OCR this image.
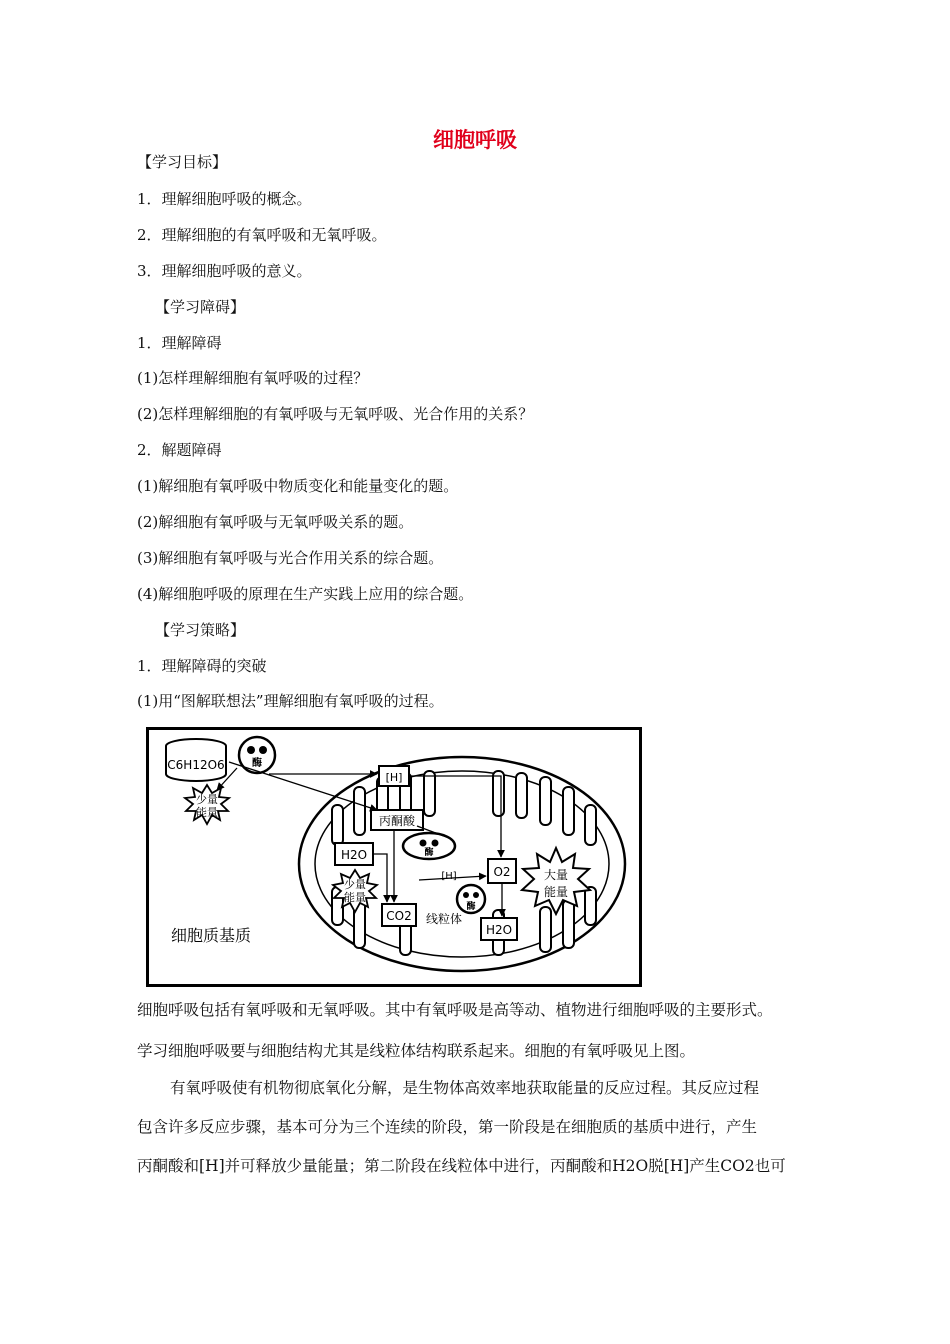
细胞呼吸
【学习目标】
1．理解细胞呼吸的概念。
2．理解细胞的有氧呼吸和无氧呼吸。
3．理解细胞呼吸的意义。
【学习障碍】
1．理解障碍
(1)怎样理解细胞有氧呼吸的过程？
(2)怎样理解细胞的有氧呼吸与无氧呼吸、光合作用的关系？
2．解题障碍
(1)解细胞有氧呼吸中物质变化和能量变化的题。
(2)解细胞有氧呼吸与无氧呼吸关系的题。
(3)解细胞有氧呼吸与光合作用关系的综合题。
(4)解细胞呼吸的原理在生产实践上应用的综合题。
【学习策略】
1．理解障碍的突破
(1)用“图解联想法”理解细胞有氧呼吸的过程。
C6H12O6	酶
少量
能量
[H]
丙酮酸
酶
H2O
少量
能量
[H]
酶
O2	大量
能量
CO2 线粒体
H2O
细胞质基质
细胞呼吸包括有氧呼吸和无氧呼吸。其中有氧呼吸是高等动、植物进行细胞呼吸的主要形式。
学习细胞呼吸要与细胞结构尤其是线粒体结构联系起来。细胞的有氧呼吸见上图。
有氧呼吸使有机物彻底氧化分解，是生物体高效率地获取能量的反应过程。其反应过程
包含许多反应步骤，基本可分为三个连续的阶段，第一阶段是在细胞质的基质中进行，产生
丙酮酸和[H]并可释放少量能量；第二阶段在线粒体中进行，丙酮酸和H2O脱[H]产生CO2也可
